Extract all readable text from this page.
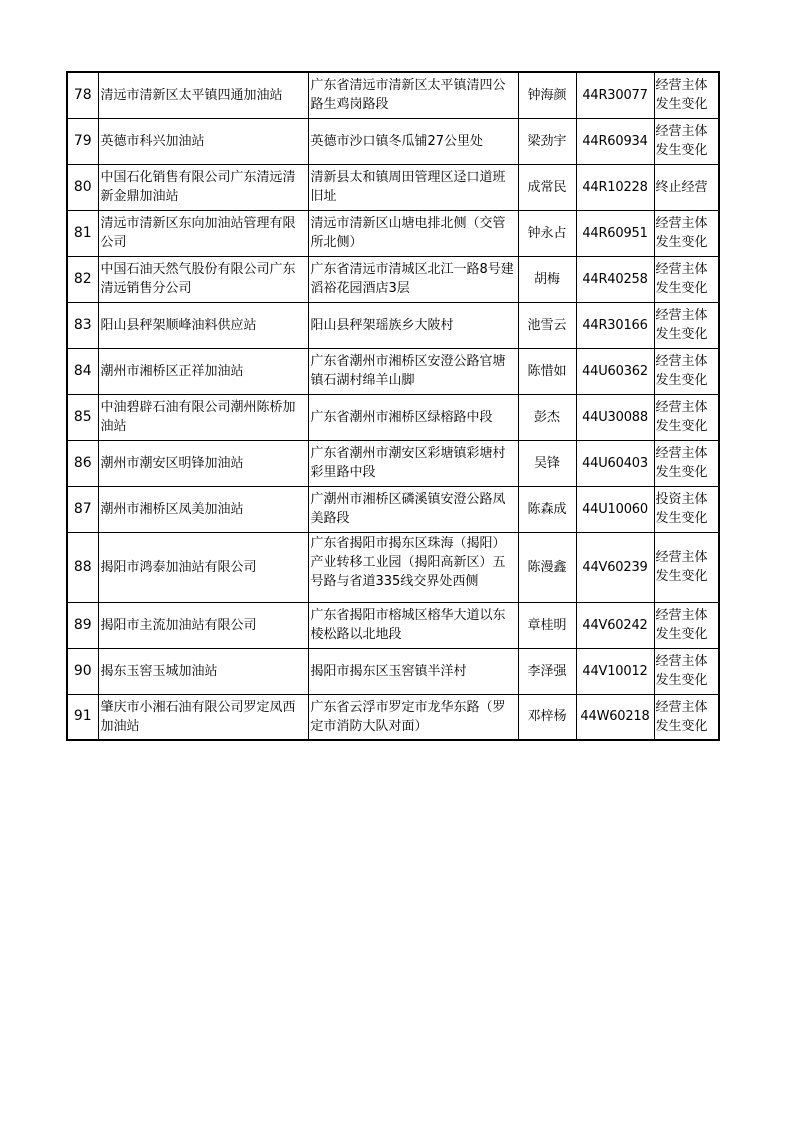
78	清远市清新区太平镇四通加油站	广东省清远市清新区太平镇清四公路生鸡岗路段	钟海颜	44R30077	经营主体发生变化
79	英德市科兴加油站	英德市沙口镇冬瓜铺27公里处	梁劲宇	44R60934	经营主体发生变化
80	中国石化销售有限公司广东清远清新金鼎加油站	清新县太和镇周田管理区迳口道班旧址	成常民	44R10228	终止经营
81	清远市清新区东向加油站管理有限公司	清远市清新区山塘电排北侧（交管所北侧）	钟永占	44R60951	经营主体发生变化
82	中国石油天然气股份有限公司广东清远销售分公司	广东省清远市清城区北江一路8号建滔裕花园酒店3层	胡梅	44R40258	经营主体发生变化
83	阳山县秤架顺峰油料供应站	阳山县秤架瑶族乡大陂村	池雪云	44R30166	经营主体发生变化
84	潮州市湘桥区正祥加油站	广东省潮州市湘桥区安澄公路官塘镇石湖村绵羊山脚	陈惜如	44U60362	经营主体发生变化
85	中油碧辟石油有限公司潮州陈桥加油站	广东省潮州市湘桥区绿榕路中段	彭杰	44U30088	经营主体发生变化
86	潮州市潮安区明锋加油站	广东省潮州市潮安区彩塘镇彩塘村彩里路中段	吴锋	44U60403	经营主体发生变化
87	潮州市湘桥区凤美加油站	广潮州市湘桥区磷溪镇安澄公路凤美路段	陈森成	44U10060	投资主体发生变化
88	揭阳市鸿泰加油站有限公司	广东省揭阳市揭东区珠海（揭阳）产业转移工业园（揭阳高新区）五号路与省道335线交界处西侧	陈漫鑫	44V60239	经营主体发生变化
89	揭阳市主流加油站有限公司	广东省揭阳市榕城区榕华大道以东棱松路以北地段	章桂明	44V60242	经营主体发生变化
90	揭东玉窖玉城加油站	揭阳市揭东区玉窖镇半洋村	李泽强	44V10012	经营主体发生变化
91	肇庆市小湘石油有限公司罗定凤西加油站	广东省云浮市罗定市龙华东路（罗定市消防大队对面）	邓梓杨	44W60218	经营主体发生变化
